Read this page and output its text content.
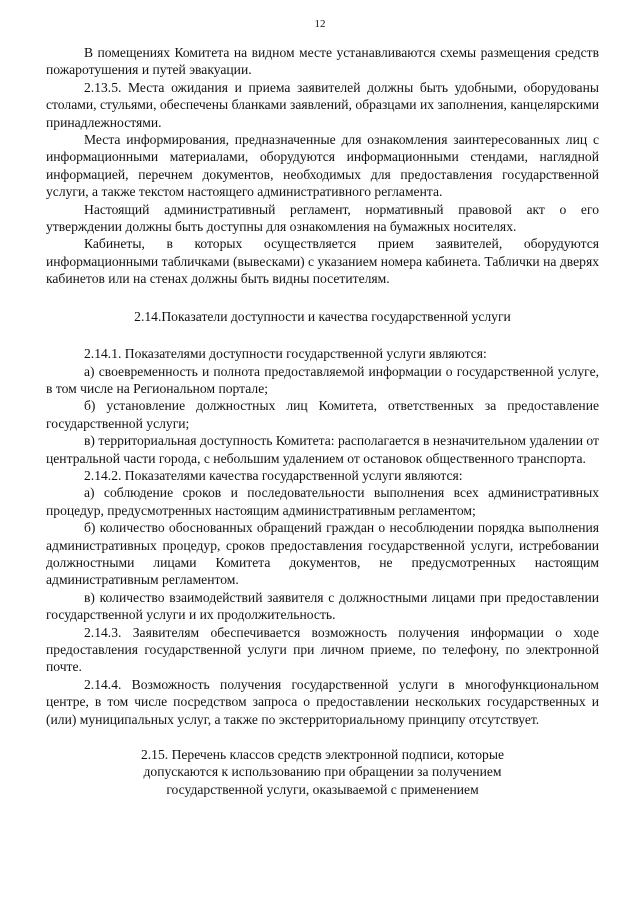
12

В помещениях Комитета на видном месте устанавливаются схемы размещения средств пожаротушения и путей эвакуации.

2.13.5. Места ожидания и приема заявителей должны быть удобными, оборудованы столами, стульями, обеспечены бланками заявлений, образцами их заполнения, канцелярскими принадлежностями.

Места информирования, предназначенные для ознакомления заинтересованных лиц с информационными материалами, оборудуются информационными стендами, наглядной информацией, перечнем документов, необходимых для предоставления государственной услуги, а также текстом настоящего административного регламента.

Настоящий административный регламент, нормативный правовой акт о его утверждении должны быть доступны для ознакомления на бумажных носителях.

Кабинеты, в которых осуществляется прием заявителей, оборудуются информационными табличками (вывесками) с указанием номера кабинета. Таблички на дверях кабинетов или на стенах должны быть видны посетителям.

2.14.Показатели доступности и качества государственной услуги

2.14.1. Показателями доступности государственной услуги являются:

а) своевременность и полнота предоставляемой информации о государственной услуге, в том числе на Региональном портале;

б) установление должностных лиц Комитета, ответственных за предоставление государственной услуги;

в) территориальная доступность Комитета: располагается в незначительном удалении от центральной части города, с небольшим удалением от остановок общественного транспорта.

2.14.2. Показателями качества государственной услуги являются:

а) соблюдение сроков и последовательности выполнения всех административных процедур, предусмотренных настоящим административным регламентом;

б) количество обоснованных обращений граждан о несоблюдении порядка выполнения административных процедур, сроков предоставления государственной услуги, истребовании должностными лицами Комитета документов, не предусмотренных настоящим административным регламентом.

в) количество взаимодействий заявителя с должностными лицами при предоставлении государственной услуги и их продолжительность.

2.14.3. Заявителям обеспечивается возможность получения информации о ходе предоставления государственной услуги при личном приеме, по телефону, по электронной почте.

2.14.4. Возможность получения государственной услуги в многофункциональном центре, в том числе посредством запроса о предоставлении нескольких государственных и (или) муниципальных услуг, а также по экстерриториальному принципу отсутствует.

2.15. Перечень классов средств электронной подписи, которые

допускаются к использованию при обращении за получением

государственной услуги, оказываемой с применением
